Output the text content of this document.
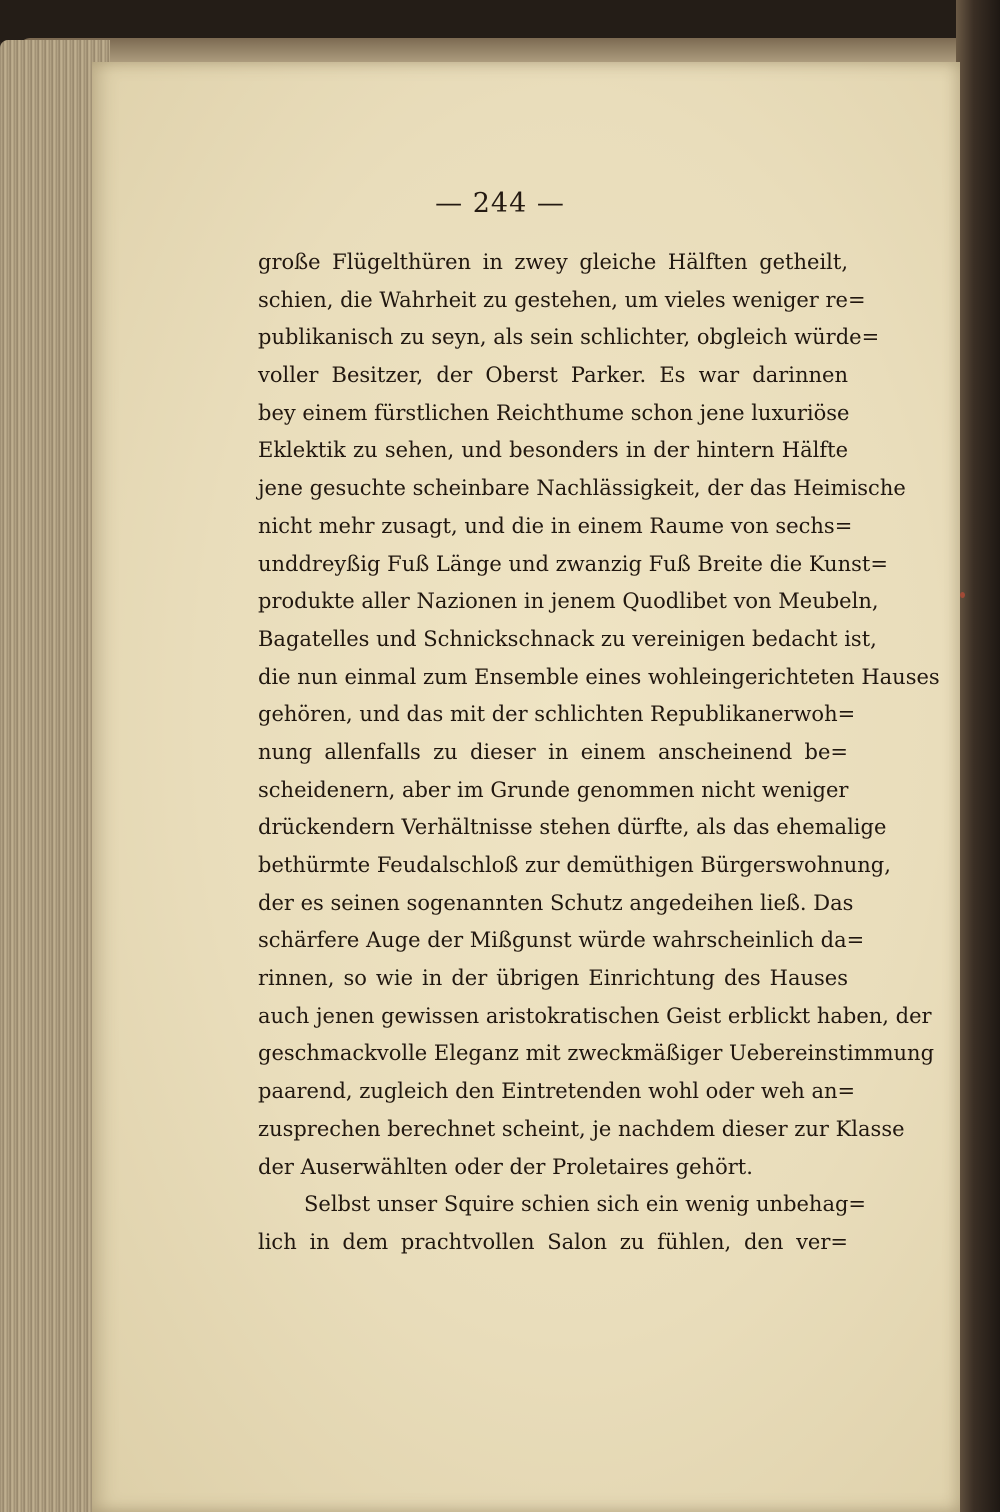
— 244 —
große Flügelthüren in zwey gleiche Hälften getheilt,
schien, die Wahrheit zu gestehen, um vieles weniger re=
publikanisch zu seyn, als sein schlichter, obgleich würde=
voller Besitzer, der Oberst Parker. Es war darinnen
bey einem fürstlichen Reichthume schon jene luxuriöse
Eklektik zu sehen, und besonders in der hintern Hälfte
jene gesuchte scheinbare Nachlässigkeit, der das Heimische
nicht mehr zusagt, und die in einem Raume von sechs=
unddreyßig Fuß Länge und zwanzig Fuß Breite die Kunst=
produkte aller Nazionen in jenem Quodlibet von Meubeln,
Bagatelles und Schnickschnack zu vereinigen bedacht ist,
die nun einmal zum Ensemble eines wohleingerichteten Hauses
gehören, und das mit der schlichten Republikanerwoh=
nung allenfalls zu dieser in einem anscheinend be=
scheidenern, aber im Grunde genommen nicht weniger
drückendern Verhältnisse stehen dürfte, als das ehemalige
bethürmte Feudalschloß zur demüthigen Bürgerswohnung,
der es seinen sogenannten Schutz angedeihen ließ. Das
schärfere Auge der Mißgunst würde wahrscheinlich da=
rinnen, so wie in der übrigen Einrichtung des Hauses
auch jenen gewissen aristokratischen Geist erblickt haben, der
geschmackvolle Eleganz mit zweckmäßiger Uebereinstimmung
paarend, zugleich den Eintretenden wohl oder weh an=
zusprechen berechnet scheint, je nachdem dieser zur Klasse
der Auserwählten oder der Proletaires gehört.
Selbst unser Squire schien sich ein wenig unbehag=
lich in dem prachtvollen Salon zu fühlen, den ver=
